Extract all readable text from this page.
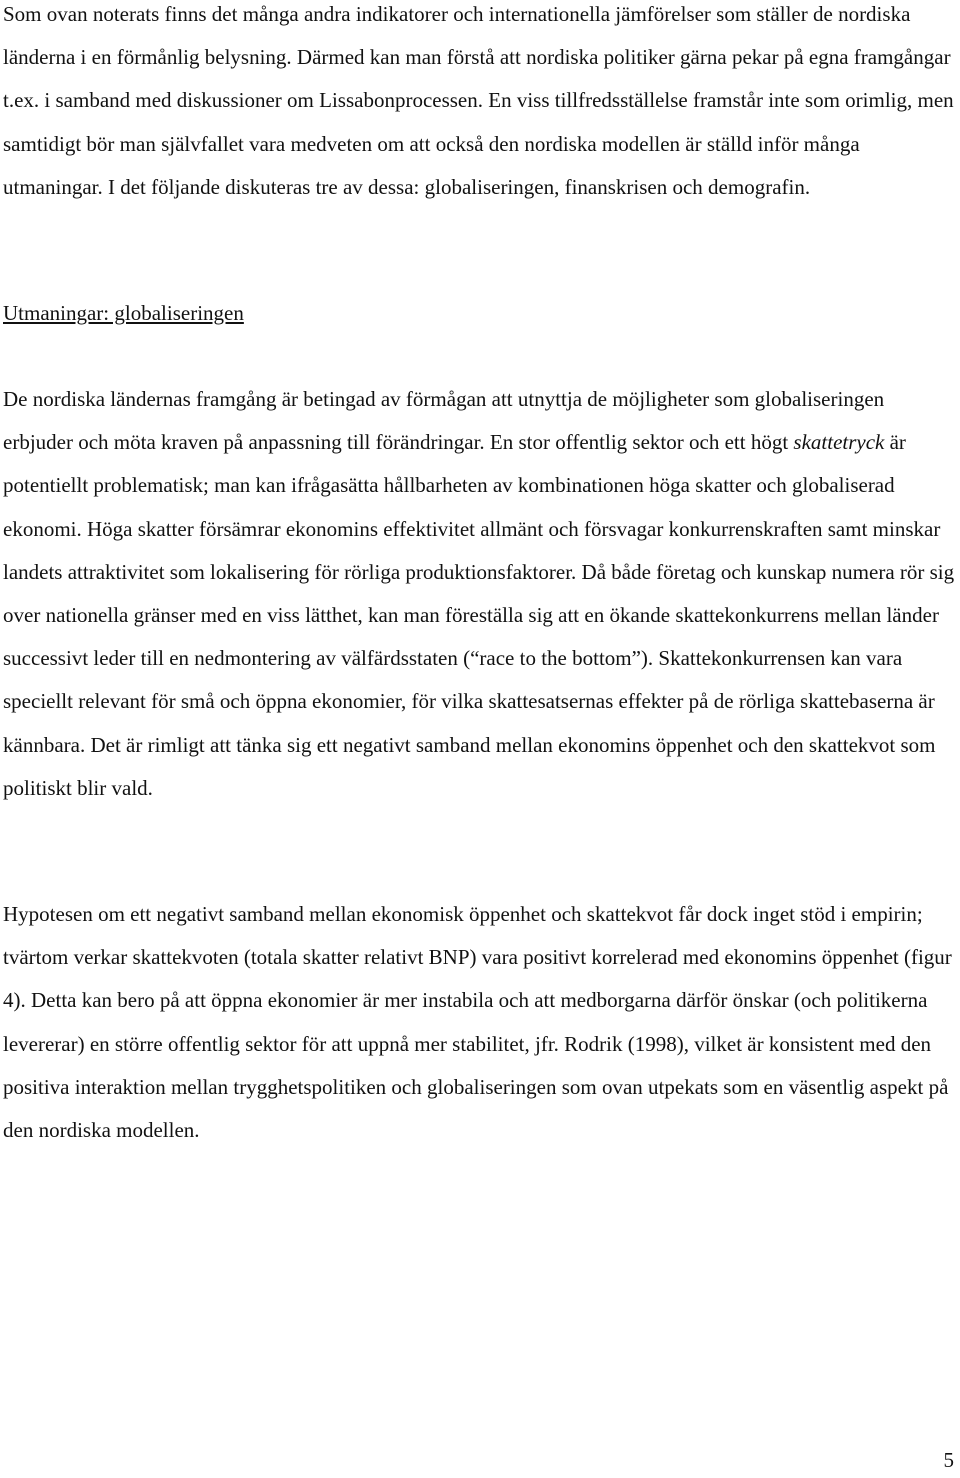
Som ovan noterats finns det många andra indikatorer och internationella jämförelser som ställer de nordiska länderna i en förmånlig belysning. Därmed kan man förstå att nordiska politiker gärna pekar på egna framgångar t.ex. i samband med diskussioner om Lissabonprocessen. En viss tillfredsställelse framstår inte som orimlig, men samtidigt bör man självfallet vara medveten om att också den nordiska modellen är ställd inför många utmaningar. I det följande diskuteras tre av dessa: globaliseringen, finanskrisen och demografin.

Utmaningar: globaliseringen

De nordiska ländernas framgång är betingad av förmågan att utnyttja de möjligheter som globaliseringen erbjuder och möta kraven på anpassning till förändringar. En stor offentlig sektor och ett högt skattetryck är potentiellt problematisk; man kan ifrågasätta hållbarheten av kombinationen höga skatter och globaliserad ekonomi. Höga skatter försämrar ekonomins effektivitet allmänt och försvagar konkurrenskraften samt minskar landets attraktivitet som lokalisering för rörliga produktionsfaktorer. Då både företag och kunskap numera rör sig over nationella gränser med en viss lätthet, kan man föreställa sig att en ökande skattekonkurrens mellan länder successivt leder till en nedmontering av välfärdsstaten (“race to the bottom”). Skattekonkurrensen kan vara speciellt relevant för små och öppna ekonomier, för vilka skattesatsernas effekter på de rörliga skattebaserna är kännbara. Det är rimligt att tänka sig ett negativt samband mellan ekonomins öppenhet och den skattekvot som politiskt blir vald.

Hypotesen om ett negativt samband mellan ekonomisk öppenhet och skattekvot får dock inget stöd i empirin; tvärtom verkar skattekvoten (totala skatter relativt BNP) vara positivt korrelerad med ekonomins öppenhet (figur 4). Detta kan bero på att öppna ekonomier är mer instabila och att medborgarna därför önskar (och politikerna levererar) en större offentlig sektor för att uppnå mer stabilitet, jfr. Rodrik (1998), vilket är konsistent med den positiva interaktion mellan trygghetspolitiken och globaliseringen som ovan utpekats som en väsentlig aspekt på den nordiska modellen.

5
